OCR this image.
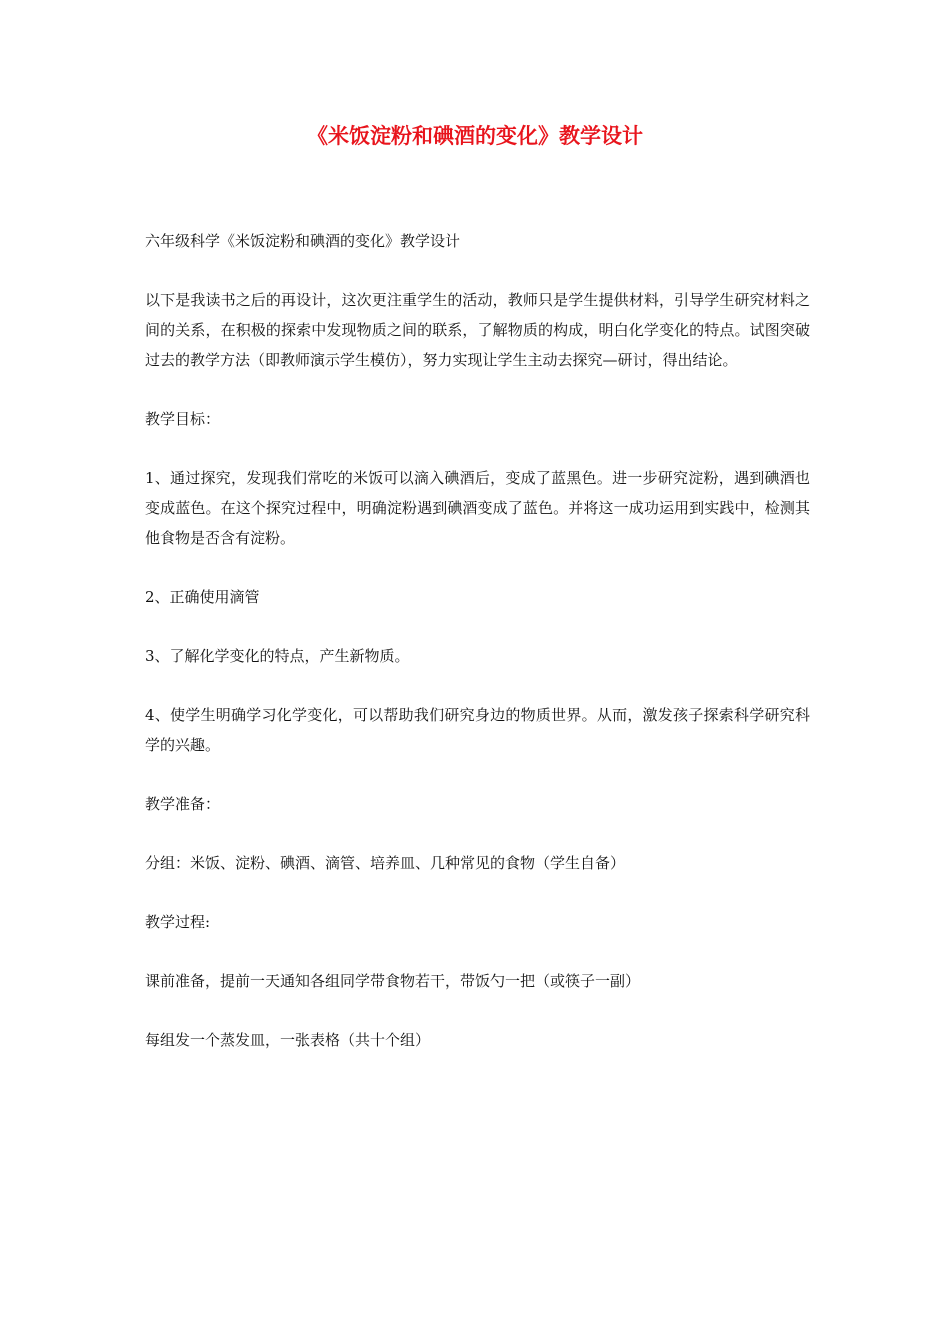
《米饭淀粉和碘酒的变化》教学设计

六年级科学《米饭淀粉和碘酒的变化》教学设计

以下是我读书之后的再设计，这次更注重学生的活动，教师只是学生提供材料，引导学生研究材料之间的关系，在积极的探索中发现物质之间的联系，了解物质的构成，明白化学变化的特点。试图突破过去的教学方法（即教师演示学生模仿），努力实现让学生主动去探究—研讨，得出结论。

教学目标：

1、通过探究，发现我们常吃的米饭可以滴入碘酒后，变成了蓝黑色。进一步研究淀粉，遇到碘酒也变成蓝色。在这个探究过程中，明确淀粉遇到碘酒变成了蓝色。并将这一成功运用到实践中，检测其他食物是否含有淀粉。

2、正确使用滴管

3、了解化学变化的特点，产生新物质。

4、使学生明确学习化学变化，可以帮助我们研究身边的物质世界。从而，激发孩子探索科学研究科学的兴趣。

教学准备：

分组：米饭、淀粉、碘酒、滴管、培养皿、几种常见的食物（学生自备）

教学过程:

课前准备，提前一天通知各组同学带食物若干，带饭勺一把（或筷子一副）

每组发一个蒸发皿，一张表格（共十个组）
